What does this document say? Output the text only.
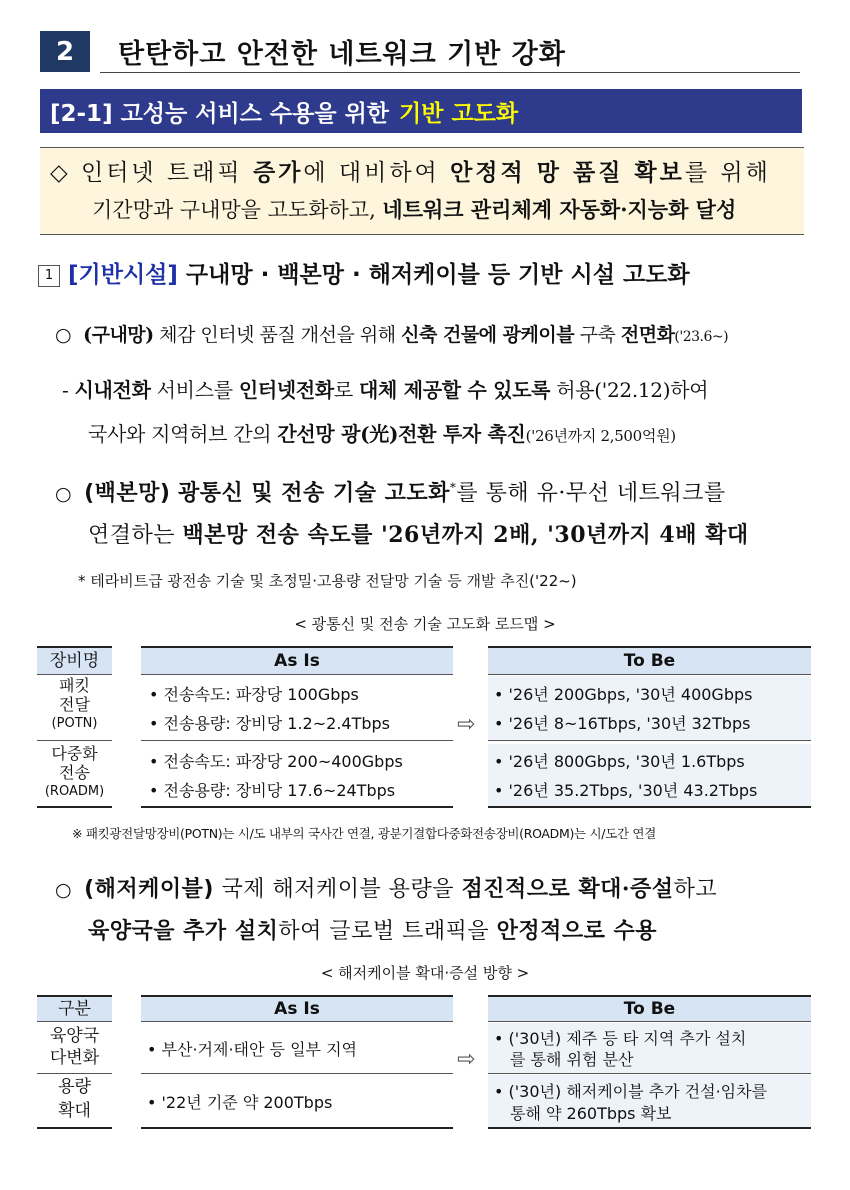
2	탄탄하고 안전한 네트워크 기반 강화
[2-1] 고성능 서비스 수용을 위한 기반 고도화
◇ 인터넷 트래픽 증가에 대비하여 안정적 망 품질 확보를 위해
기간망과 구내망을 고도화하고, 네트워크 관리체계 자동화·지능화 달성
1 [기반시설] 구내망 · 백본망 · 해저케이블 등 기반 시설 고도화
○ (구내망) 체감 인터넷 품질 개선을 위해 신축 건물에 광케이블 구축 전면화('23.6~)
- 시내전화 서비스를 인터넷전화로 대체 제공할 수 있도록 허용('22.12)하여
국사와 지역허브 간의 간선망 광(光)전환 투자 촉진('26년까지 2,500억원)
○ (백본망) 광통신 및 전송 기술 고도화*를 통해 유·무선 네트워크를
연결하는 백본망 전송 속도를 '26년까지 2배, '30년까지 4배 확대
* 테라비트급 광전송 기술 및 초정밀·고용량 전달망 기술 등 개발 추진('22~)
< 광통신 및 전송 기술 고도화 로드맵 >
장비명
패킷
전달
(POTN)
다중화
전송
(ROADM)
As Is
• 전송속도: 파장당 100Gbps
• 전송용량: 장비당 1.2~2.4Tbps
• 전송속도: 파장당 200~400Gbps
• 전송용량: 장비당 17.6~24Tbps
⇨
To Be
• '26년 200Gbps, '30년 400Gbps
• '26년 8~16Tbps, '30년 32Tbps
• '26년 800Gbps, '30년 1.6Tbps
• '26년 35.2Tbps, '30년 43.2Tbps
※ 패킷광전달망장비(POTN)는 시/도 내부의 국사간 연결, 광분기결합다중화전송장비(ROADM)는 시/도간 연결
○ (해저케이블) 국제 해저케이블 용량을 점진적으로 확대·증설하고
육양국을 추가 설치하여 글로벌 트래픽을 안정적으로 수용
< 해저케이블 확대·증설 방향 >
구분
육양국
다변화
용량
확대
As Is
• 부산·거제·태안 등 일부 지역
• '22년 기준 약 200Tbps
⇨
To Be
• ('30년) 제주 등 타 지역 추가 설치
를 통해 위험 분산
• ('30년) 해저케이블 추가 건설·임차를
통해 약 260Tbps 확보
